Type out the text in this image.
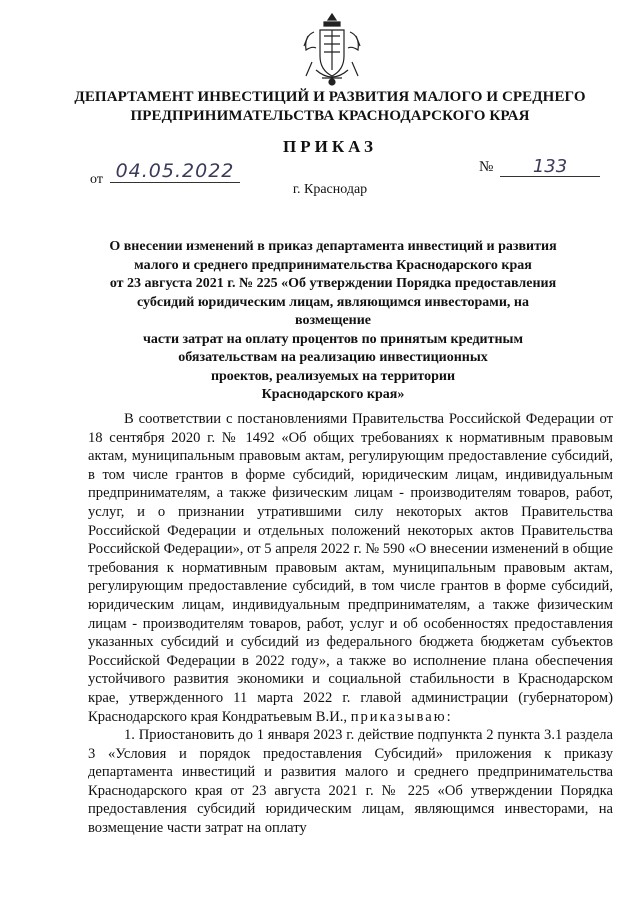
ДЕПАРТАМЕНТ ИНВЕСТИЦИЙ И РАЗВИТИЯ МАЛОГО И СРЕДНЕГО
ПРЕДПРИНИМАТЕЛЬСТВА КРАСНОДАРСКОГО КРАЯ
ПРИКАЗ
от 04.05.2022	№	133
г. Краснодар
О внесении изменений в приказ департамента инвестиций и развития
малого и среднего предпринимательства Краснодарского края
от 23 августа 2021 г. № 225 «Об утверждении Порядка предоставления
субсидий юридическим лицам, являющимся инвесторами, на возмещение
части затрат на оплату процентов по принятым кредитным
обязательствам на реализацию инвестиционных
проектов, реализуемых на территории
Краснодарского края»

В соответствии с постановлениями Правительства Российской Федерации от 18 сентября 2020 г. № 1492 «Об общих требованиях к нормативным правовым актам, муниципальным правовым актам, регулирующим предоставление субсидий, в том числе грантов в форме субсидий, юридическим лицам, индивидуальным предпринимателям, а также физическим лицам - производителям товаров, работ, услуг, и о признании утратившими силу некоторых актов Правительства Российской Федерации и отдельных положений некоторых актов Правительства Российской Федерации», от 5 апреля 2022 г. № 590 «О внесении изменений в общие требования к нормативным правовым актам, муниципальным правовым актам, регулирующим предоставление субсидий, в том числе грантов в форме субсидий, юридическим лицам, индивидуальным предпринимателям, а также физическим лицам - производителям товаров, работ, услуг и об особенностях предоставления указанных субсидий и субсидий из федерального бюджета бюджетам субъектов Российской Федерации в 2022 году», а также во исполнение плана обеспечения устойчивого развития экономики и социальной стабильности в Краснодарском крае, утвержденного 11 марта 2022 г. главой администрации (губернатором) Краснодарского края Кондратьевым В.И., приказываю:

1. Приостановить до 1 января 2023 г. действие подпункта 2 пункта 3.1 раздела 3 «Условия и порядок предоставления Субсидий» приложения к приказу департамента инвестиций и развития малого и среднего предпринимательства Краснодарского края от 23 августа 2021 г. № 225 «Об утверждении Порядка предоставления субсидий юридическим лицам, являющимся инвесторами, на возмещение части затрат на оплату
